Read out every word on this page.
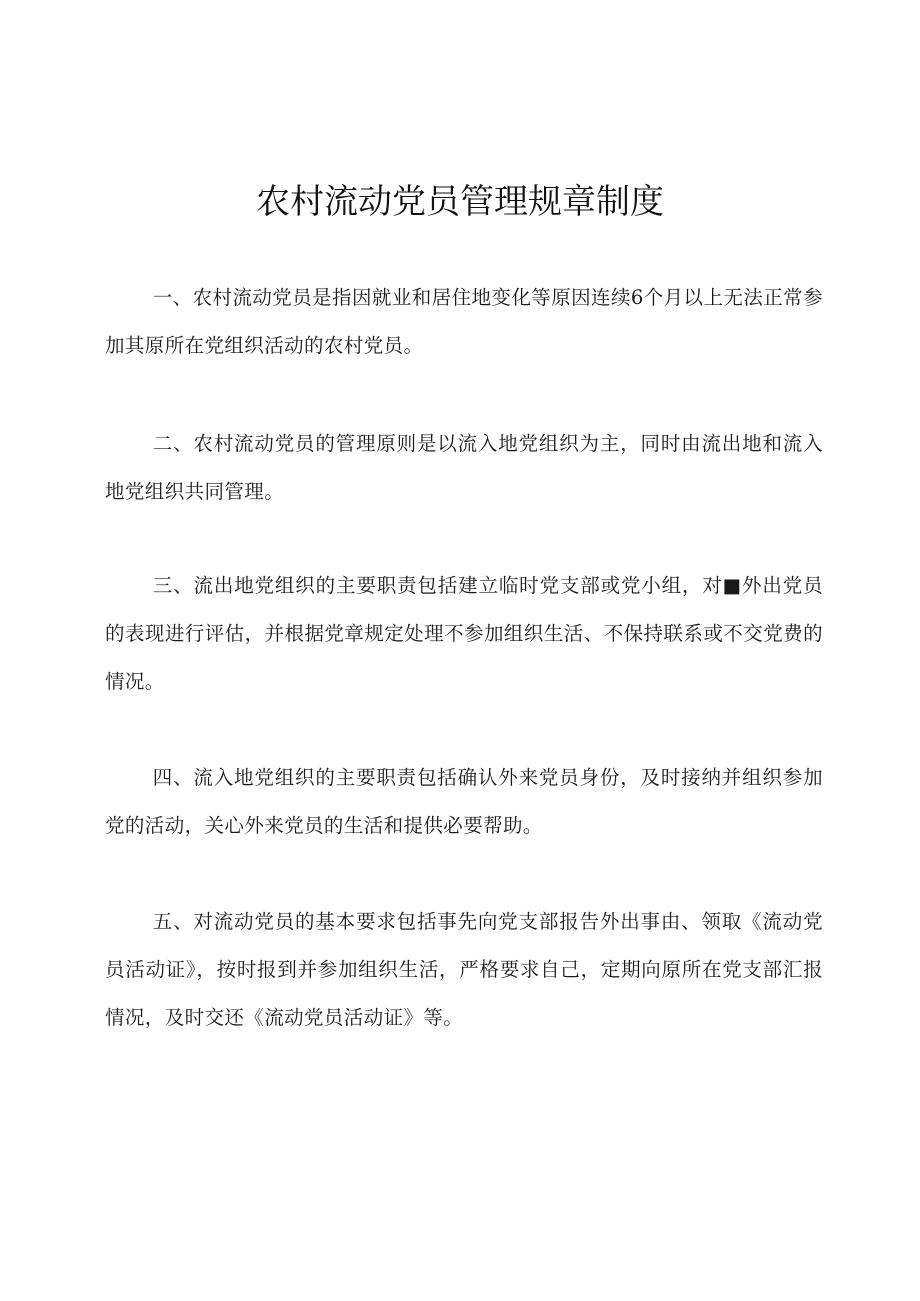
农村流动党员管理规章制度

一、农村流动党员是指因就业和居住地变化等原因连续6个月以上无法正常参加其原所在党组织活动的农村党员。

二、农村流动党员的管理原则是以流入地党组织为主，同时由流出地和流入地党组织共同管理。

三、流出地党组织的主要职责包括建立临时党支部或党小组，对■外出党员的表现进行评估，并根据党章规定处理不参加组织生活、不保持联系或不交党费的情况。

四、流入地党组织的主要职责包括确认外来党员身份，及时接纳并组织参加党的活动，关心外来党员的生活和提供必要帮助。

五、对流动党员的基本要求包括事先向党支部报告外出事由、领取《流动党员活动证》，按时报到并参加组织生活，严格要求自己，定期向原所在党支部汇报情况，及时交还《流动党员活动证》等。
